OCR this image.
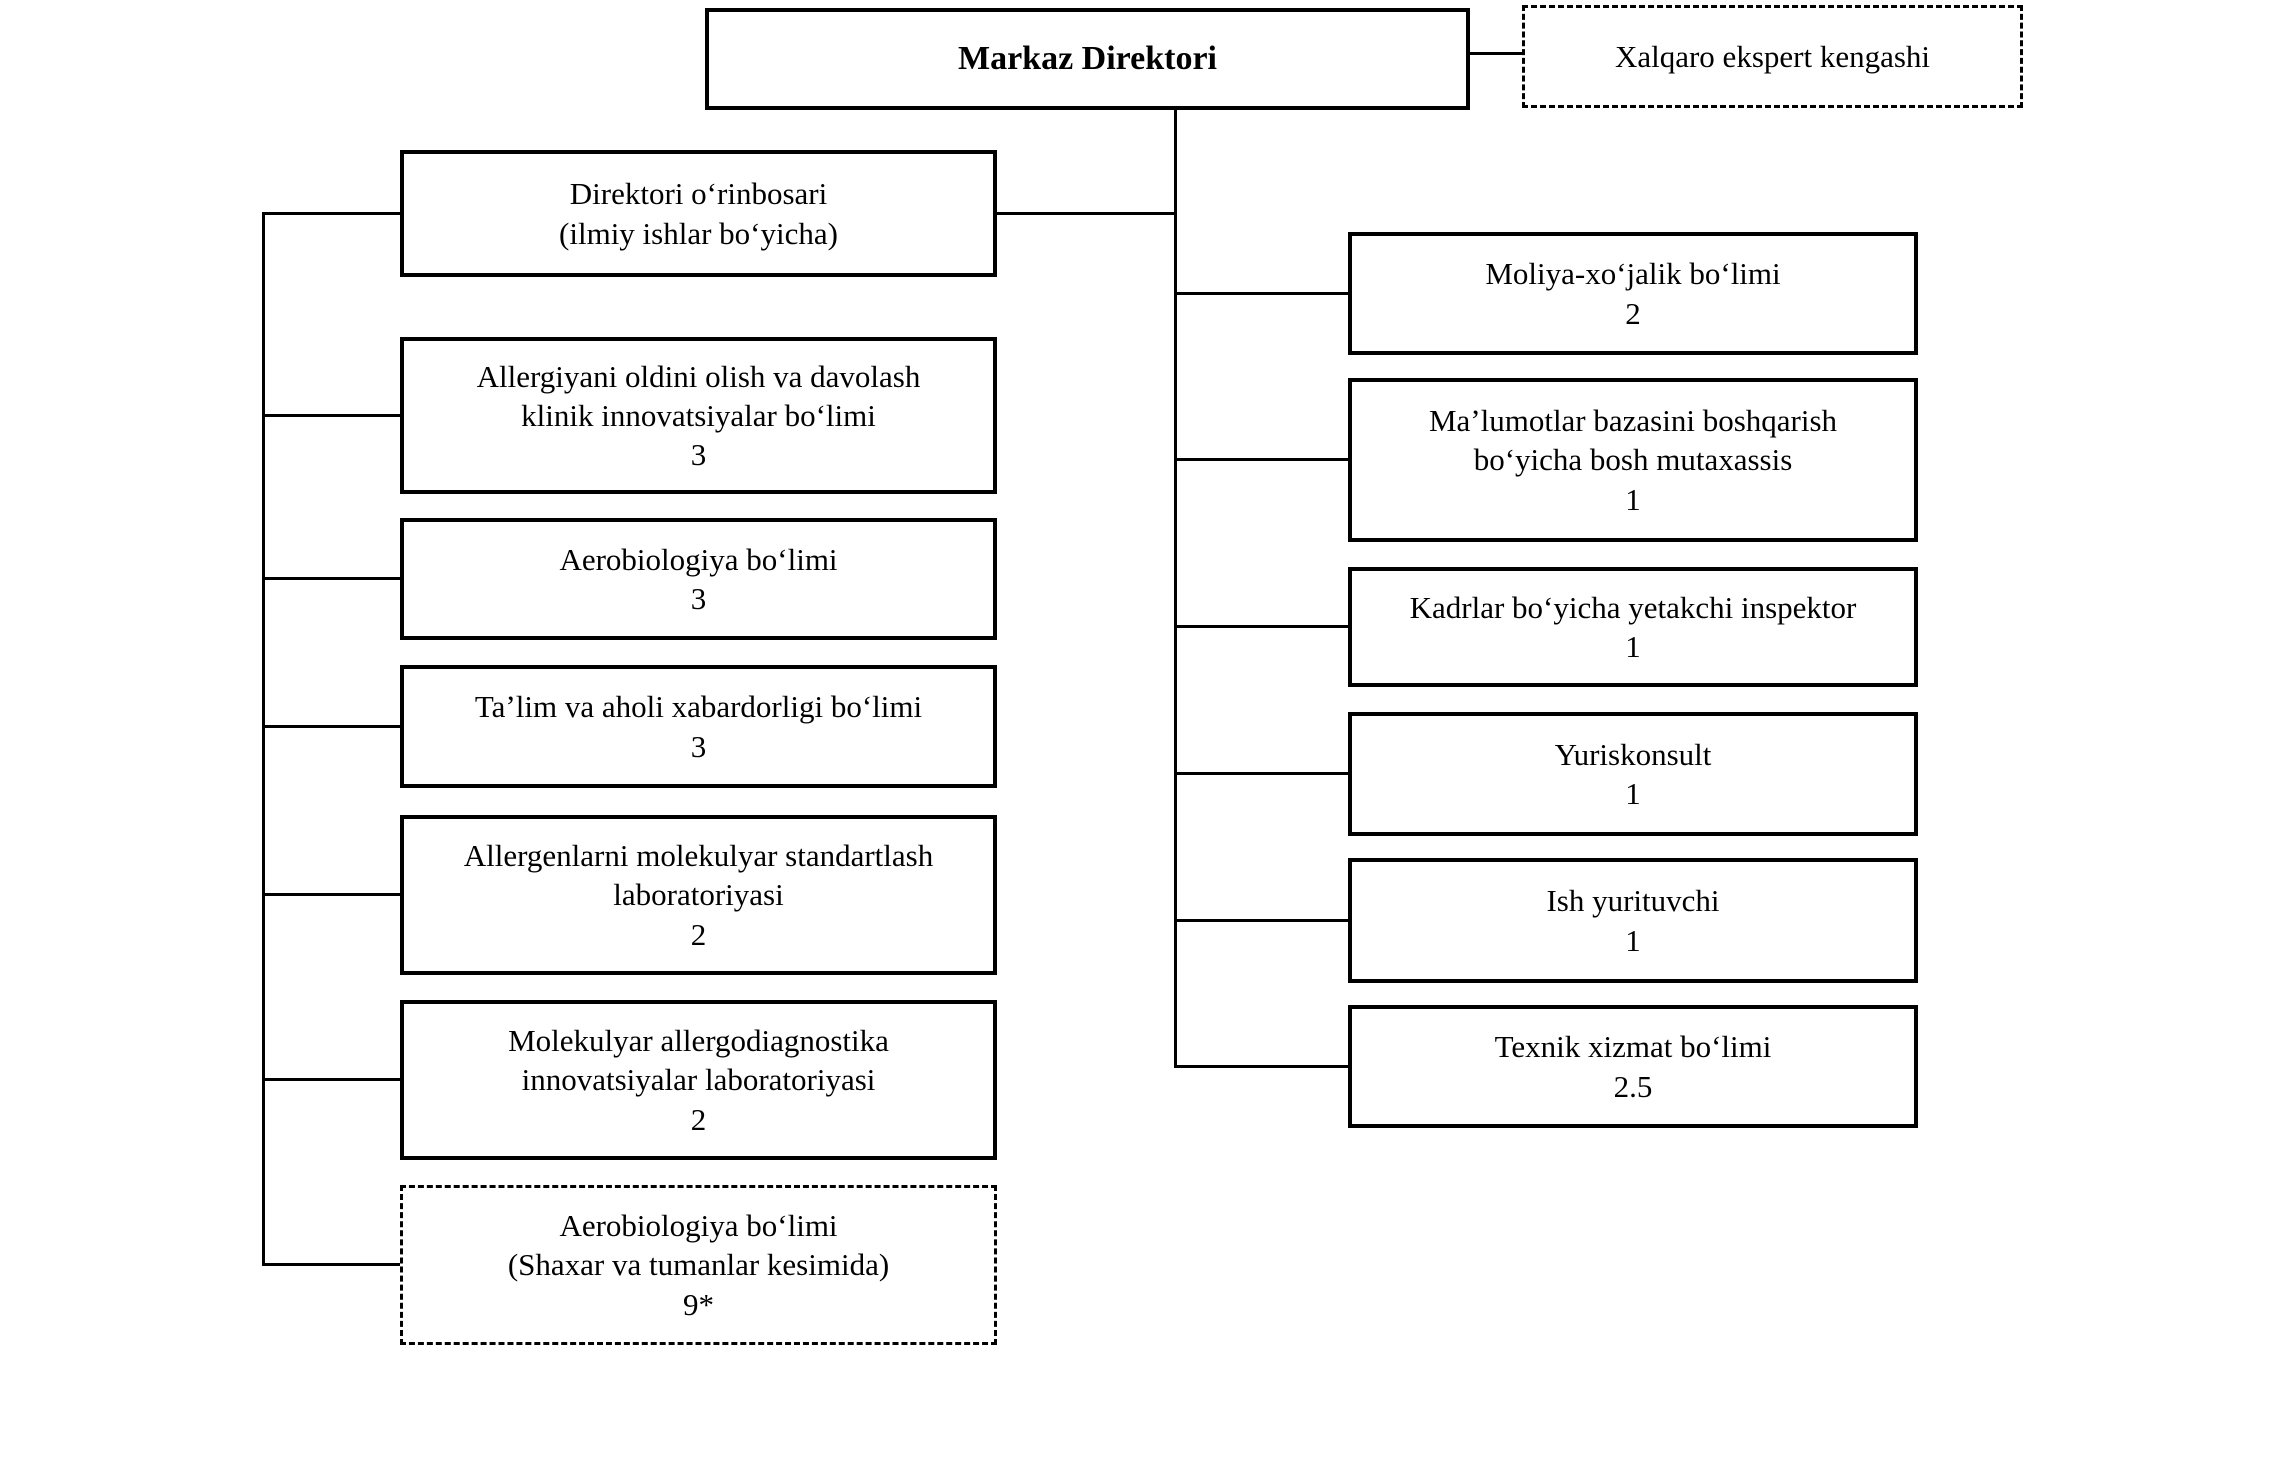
Markaz Direktori	Xalqaro ekspert kengashi
Direktori oʻrinbosari
(ilmiy ishlar boʻyicha)
Allergiyani oldini olish va davolash
klinik innovatsiyalar boʻlimi
3
Aerobiologiya boʻlimi
3
Taʼlim va aholi xabardorligi boʻlimi
3
Allergenlarni molekulyar standartlash
laboratoriyasi
2
Molekulyar allergodiagnostika
innovatsiyalar laboratoriyasi
2
Aerobiologiya boʻlimi
(Shaxar va tumanlar kesimida)
9*
Moliya-xoʻjalik boʻlimi
2
Maʼlumotlar bazasini boshqarish
boʻyicha bosh mutaxassis
1
Kadrlar boʻyicha yetakchi inspektor
1
Yuriskonsult
1
Ish yurituvchi
1
Texnik xizmat boʻlimi
2.5
